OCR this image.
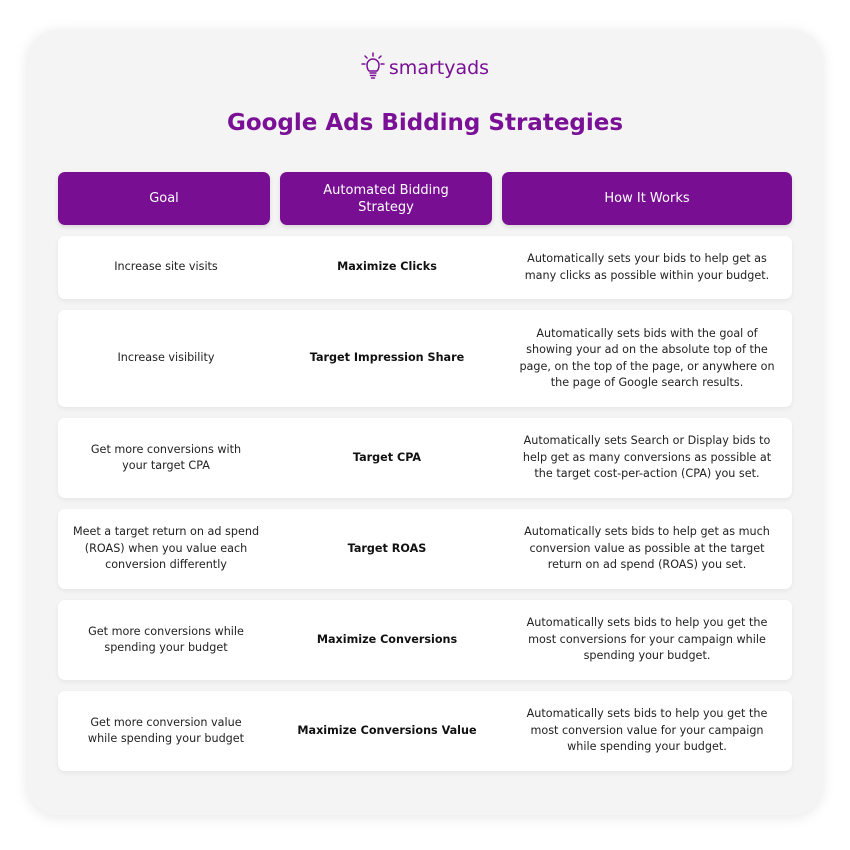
smartyads
Google Ads Bidding Strategies
Goal
Automated Bidding Strategy
How It Works
Increase site visits	Maximize Clicks
Automatically sets your bids to help get as many clicks as possible within your budget.
Increase visibility	Target Impression Share
Automatically sets bids with the goal of showing your ad on the absolute top of the page, on the top of the page, or anywhere on the page of Google search results.
Get more conversions with your target CPA
Target CPA
Automatically sets Search or Display bids to help get as many conversions as possible at the target cost-per-action (CPA) you set.
Meet a target return on ad spend (ROAS) when you value each conversion differently
Target ROAS
Automatically sets bids to help get as much conversion value as possible at the target return on ad spend (ROAS) you set.
Get more conversions while spending your budget
Maximize Conversions
Automatically sets bids to help you get the most conversions for your campaign while spending your budget.
Get more conversion value while spending your budget
Maximize Conversions Value
Automatically sets bids to help you get the most conversion value for your campaign while spending your budget.
